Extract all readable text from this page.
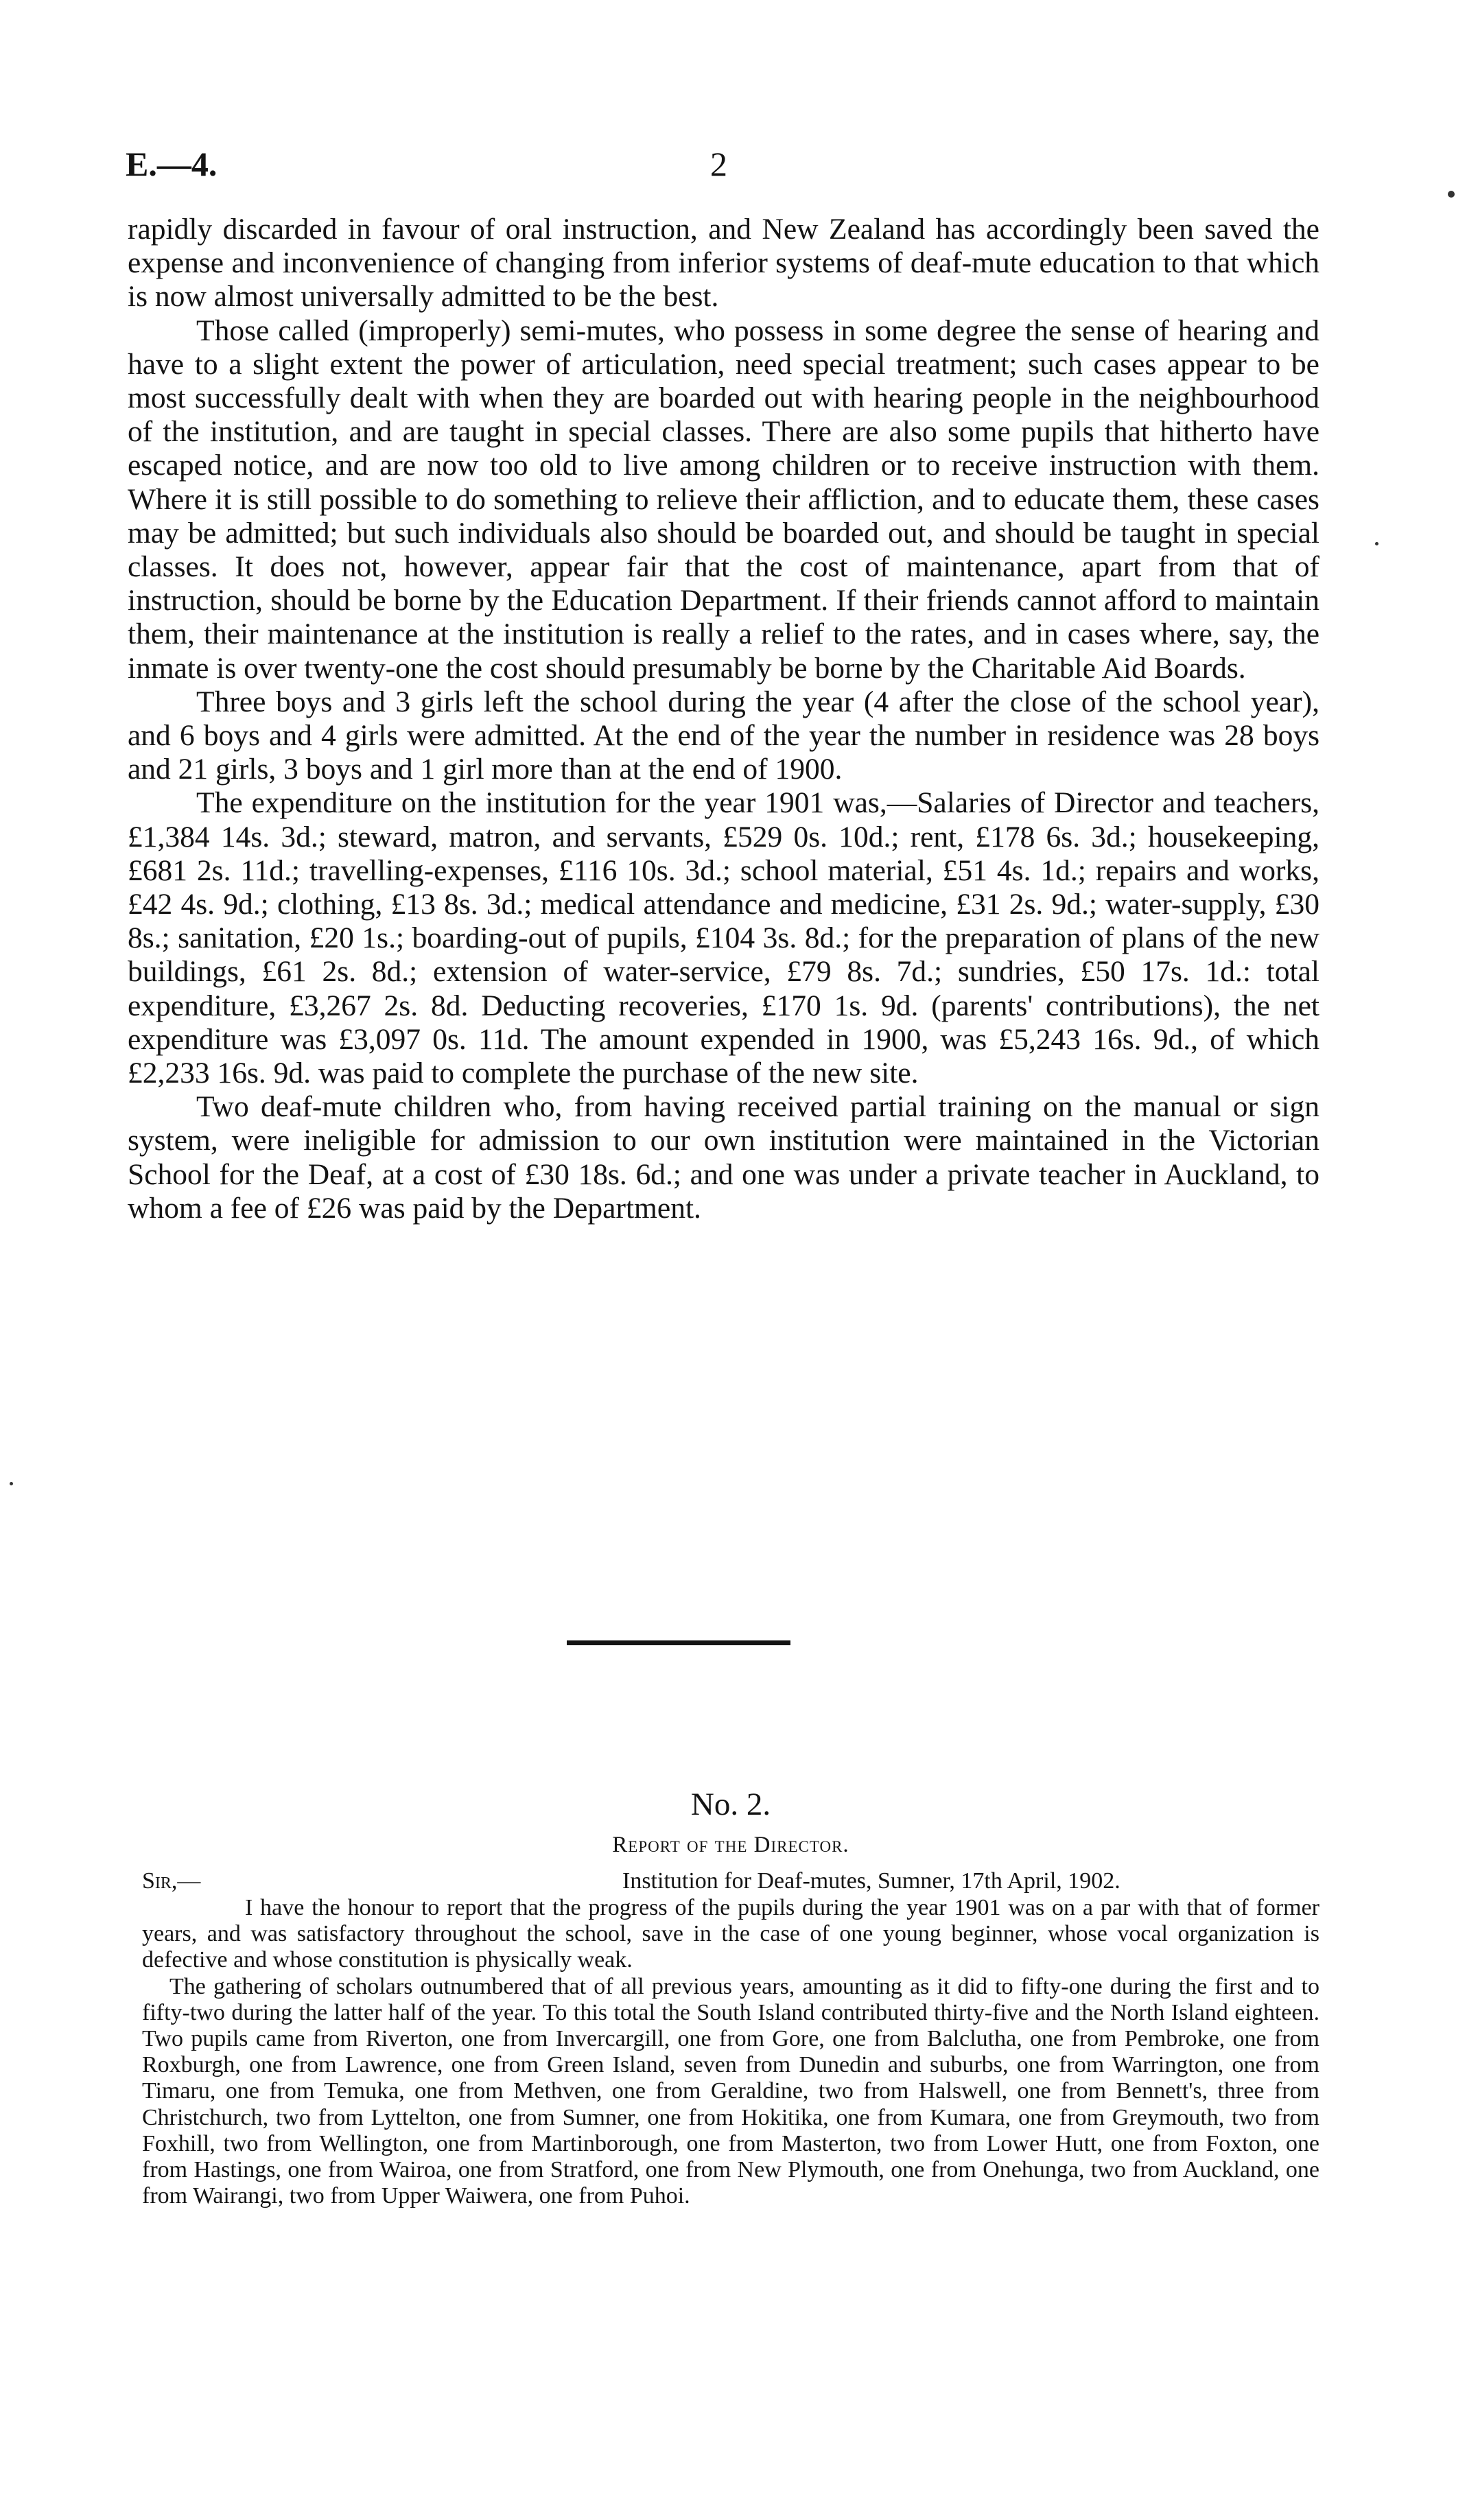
E.—4.	2

rapidly discarded in favour of oral instruction, and New Zealand has accordingly been saved the expense and inconvenience of changing from inferior systems of deaf-mute education to that which is now almost universally admitted to be the best.

Those called (improperly) semi-mutes, who possess in some degree the sense of hearing and have to a slight extent the power of articulation, need special treatment; such cases appear to be most successfully dealt with when they are boarded out with hearing people in the neighbourhood of the institution, and are taught in special classes. There are also some pupils that hitherto have escaped notice, and are now too old to live among children or to receive instruction with them. Where it is still possible to do something to relieve their affliction, and to educate them, these cases may be admitted; but such individuals also should be boarded out, and should be taught in special classes. It does not, however, appear fair that the cost of maintenance, apart from that of instruction, should be borne by the Education Department. If their friends cannot afford to maintain them, their maintenance at the institution is really a relief to the rates, and in cases where, say, the inmate is over twenty-one the cost should presumably be borne by the Charitable Aid Boards.

Three boys and 3 girls left the school during the year (4 after the close of the school year), and 6 boys and 4 girls were admitted. At the end of the year the number in residence was 28 boys and 21 girls, 3 boys and 1 girl more than at the end of 1900.

The expenditure on the institution for the year 1901 was,—Salaries of Director and teachers, £1,384 14s. 3d.; steward, matron, and servants, £529 0s. 10d.; rent, £178 6s. 3d.; housekeeping, £681 2s. 11d.; travelling-expenses, £116 10s. 3d.; school material, £51 4s. 1d.; repairs and works, £42 4s. 9d.; clothing, £13 8s. 3d.; medical attendance and medicine, £31 2s. 9d.; water-supply, £30 8s.; sanitation, £20 1s.; boarding-out of pupils, £104 3s. 8d.; for the preparation of plans of the new buildings, £61 2s. 8d.; extension of water-service, £79 8s. 7d.; sundries, £50 17s. 1d.: total expenditure, £3,267 2s. 8d. Deducting recoveries, £170 1s. 9d. (parents' contributions), the net expenditure was £3,097 0s. 11d. The amount expended in 1900, was £5,243 16s. 9d., of which £2,233 16s. 9d. was paid to complete the purchase of the new site.

Two deaf-mute children who, from having received partial training on the manual or sign system, were ineligible for admission to our own institution were maintained in the Victorian School for the Deaf, at a cost of £30 18s. 6d.; and one was under a private teacher in Auckland, to whom a fee of £26 was paid by the Department.

No. 2.
Report of the Director.
Sir,—	Institution for Deaf-mutes, Sumner, 17th April, 1902.

I have the honour to report that the progress of the pupils during the year 1901 was on a par with that of former years, and was satisfactory throughout the school, save in the case of one young beginner, whose vocal organization is defective and whose constitution is physically weak.

The gathering of scholars outnumbered that of all previous years, amounting as it did to fifty-one during the first and to fifty-two during the latter half of the year. To this total the South Island contributed thirty-five and the North Island eighteen. Two pupils came from Riverton, one from Invercargill, one from Gore, one from Balclutha, one from Pembroke, one from Roxburgh, one from Lawrence, one from Green Island, seven from Dunedin and suburbs, one from Warrington, one from Timaru, one from Temuka, one from Methven, one from Geraldine, two from Halswell, one from Bennett's, three from Christchurch, two from Lyttelton, one from Sumner, one from Hokitika, one from Kumara, one from Greymouth, two from Foxhill, two from Wellington, one from Martinborough, one from Masterton, two from Lower Hutt, one from Foxton, one from Hastings, one from Wairoa, one from Stratford, one from New Plymouth, one from Onehunga, two from Auckland, one from Wairangi, two from Upper Waiwera, one from Puhoi.
